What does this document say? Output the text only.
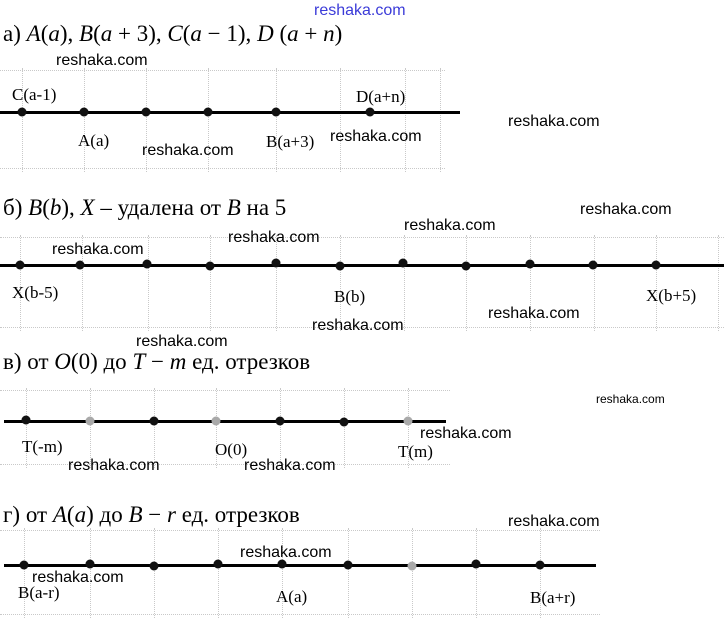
а) A(a), B(a + 3), C(a − 1), D (a + n)
б) B(b), X – удалена от B на 5
в) от O(0) до T − m ед. отрезков
г) от A(a) до B − r ед. отрезков
C(a-1)
A(a)	B(a+3)
D(a+n)
X(b-5)	B(b)	X(b+5)
T(-m)	O(0)	T(m)
B(a-r)	A(a)	B(a+r)
reshaka.com
reshaka.com
reshaka.com
reshaka.com
reshaka.com
reshaka.com
reshaka.com
reshaka.com
reshaka.com
reshaka.com
reshaka.com
reshaka.com
reshaka.com
reshaka.com
reshaka.com	reshaka.com
reshaka.com
reshaka.com
reshaka.com
